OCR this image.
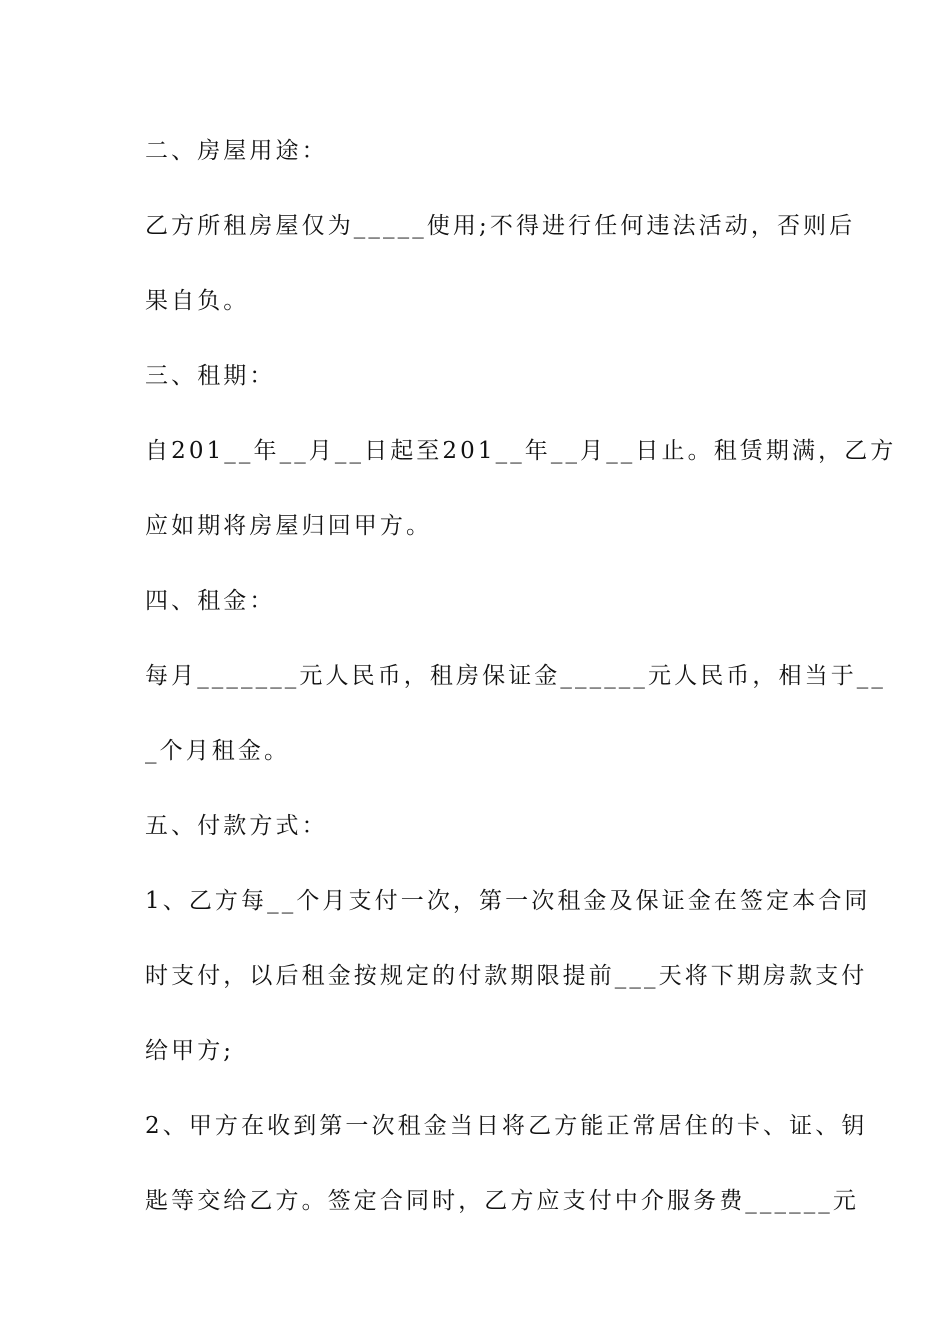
二、房屋用途：
乙方所租房屋仅为_____使用;不得进行任何违法活动，否则后
果自负。
三、租期：
自201__年__月__日起至201__年__月__日止。租赁期满，乙方
应如期将房屋归回甲方。
四、租金：
每月_______元人民币，租房保证金______元人民币，相当于__
_个月租金。
五、付款方式：
1、乙方每__个月支付一次，第一次租金及保证金在签定本合同
时支付，以后租金按规定的付款期限提前___天将下期房款支付
给甲方;
2、甲方在收到第一次租金当日将乙方能正常居住的卡、证、钥
匙等交给乙方。签定合同时，乙方应支付中介服务费______元
